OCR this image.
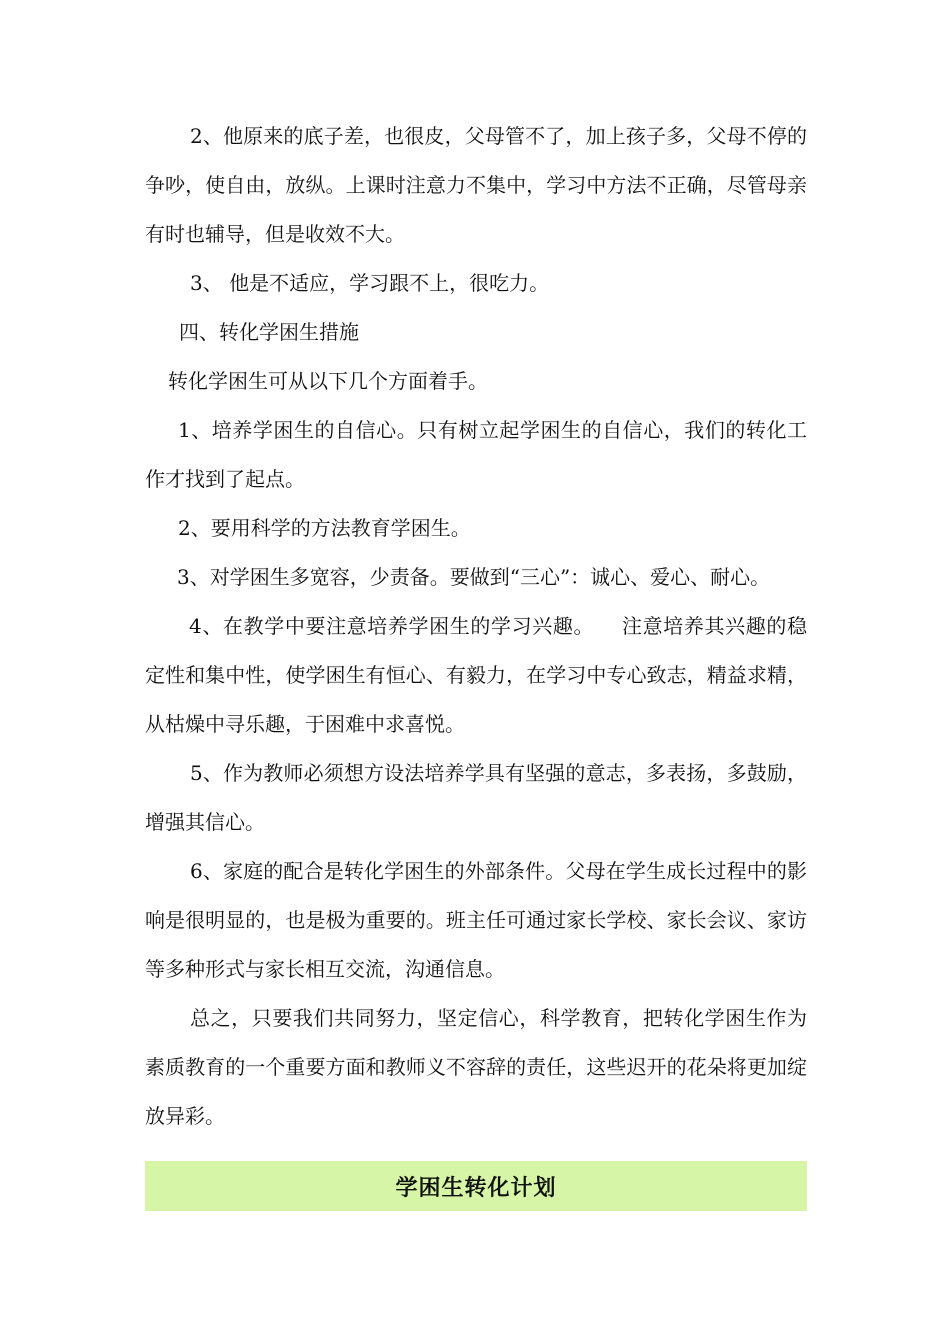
2、他原来的底子差，也很皮，父母管不了，加上孩子多，父母不停的争吵，使自由，放纵。上课时注意力不集中，学习中方法不正确，尽管母亲有时也辅导，但是收效不大。

3、 他是不适应，学习跟不上，很吃力。

四、转化学困生措施

转化学困生可从以下几个方面着手。

1、培养学困生的自信心。只有树立起学困生的自信心，我们的转化工作才找到了起点。

2、要用科学的方法教育学困生。

3、对学困生多宽容，少责备。要做到“三心”：诚心、爱心、耐心。

4、在教学中要注意培养学困生的学习兴趣。    注意培养其兴趣的稳定性和集中性，使学困生有恒心、有毅力，在学习中专心致志，精益求精，从枯燥中寻乐趣，于困难中求喜悦。

5、作为教师必须想方设法培养学具有坚强的意志，多表扬，多鼓励，增强其信心。

6、家庭的配合是转化学困生的外部条件。父母在学生成长过程中的影响是很明显的，也是极为重要的。班主任可通过家长学校、家长会议、家访等多种形式与家长相互交流，沟通信息。

总之，只要我们共同努力，坚定信心，科学教育，把转化学困生作为素质教育的一个重要方面和教师义不容辞的责任，这些迟开的花朵将更加绽放异彩。

学困生转化计划
